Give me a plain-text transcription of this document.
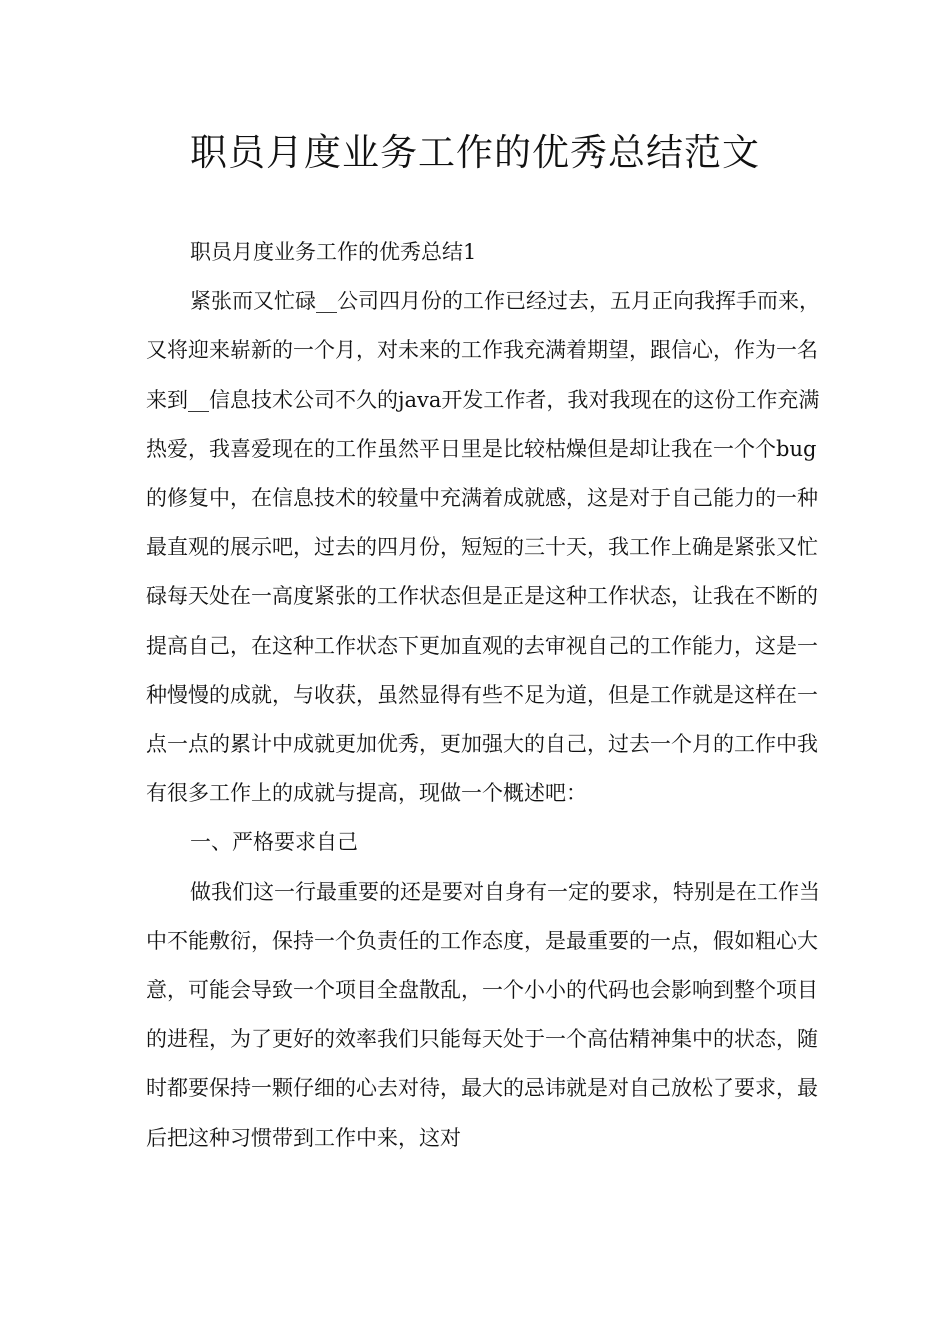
职员月度业务工作的优秀总结范文

职员月度业务工作的优秀总结1

紧张而又忙碌__公司四月份的工作已经过去，五月正向我挥手而来，又将迎来崭新的一个月，对未来的工作我充满着期望，跟信心，作为一名来到__信息技术公司不久的java开发工作者，我对我现在的这份工作充满热爱，我喜爱现在的工作虽然平日里是比较枯燥但是却让我在一个个bug的修复中，在信息技术的较量中充满着成就感，这是对于自己能力的一种最直观的展示吧，过去的四月份，短短的三十天，我工作上确是紧张又忙碌每天处在一高度紧张的工作状态但是正是这种工作状态，让我在不断的提高自己，在这种工作状态下更加直观的去审视自己的工作能力，这是一种慢慢的成就，与收获，虽然显得有些不足为道，但是工作就是这样在一点一点的累计中成就更加优秀，更加强大的自己，过去一个月的工作中我有很多工作上的成就与提高，现做一个概述吧：

一、严格要求自己

做我们这一行最重要的还是要对自身有一定的要求，特别是在工作当中不能敷衍，保持一个负责任的工作态度，是最重要的一点，假如粗心大意，可能会导致一个项目全盘散乱，一个小小的代码也会影响到整个项目的进程，为了更好的效率我们只能每天处于一个高估精神集中的状态，随时都要保持一颗仔细的心去对待，最大的忌讳就是对自己放松了要求，最后把这种习惯带到工作中来，这对
